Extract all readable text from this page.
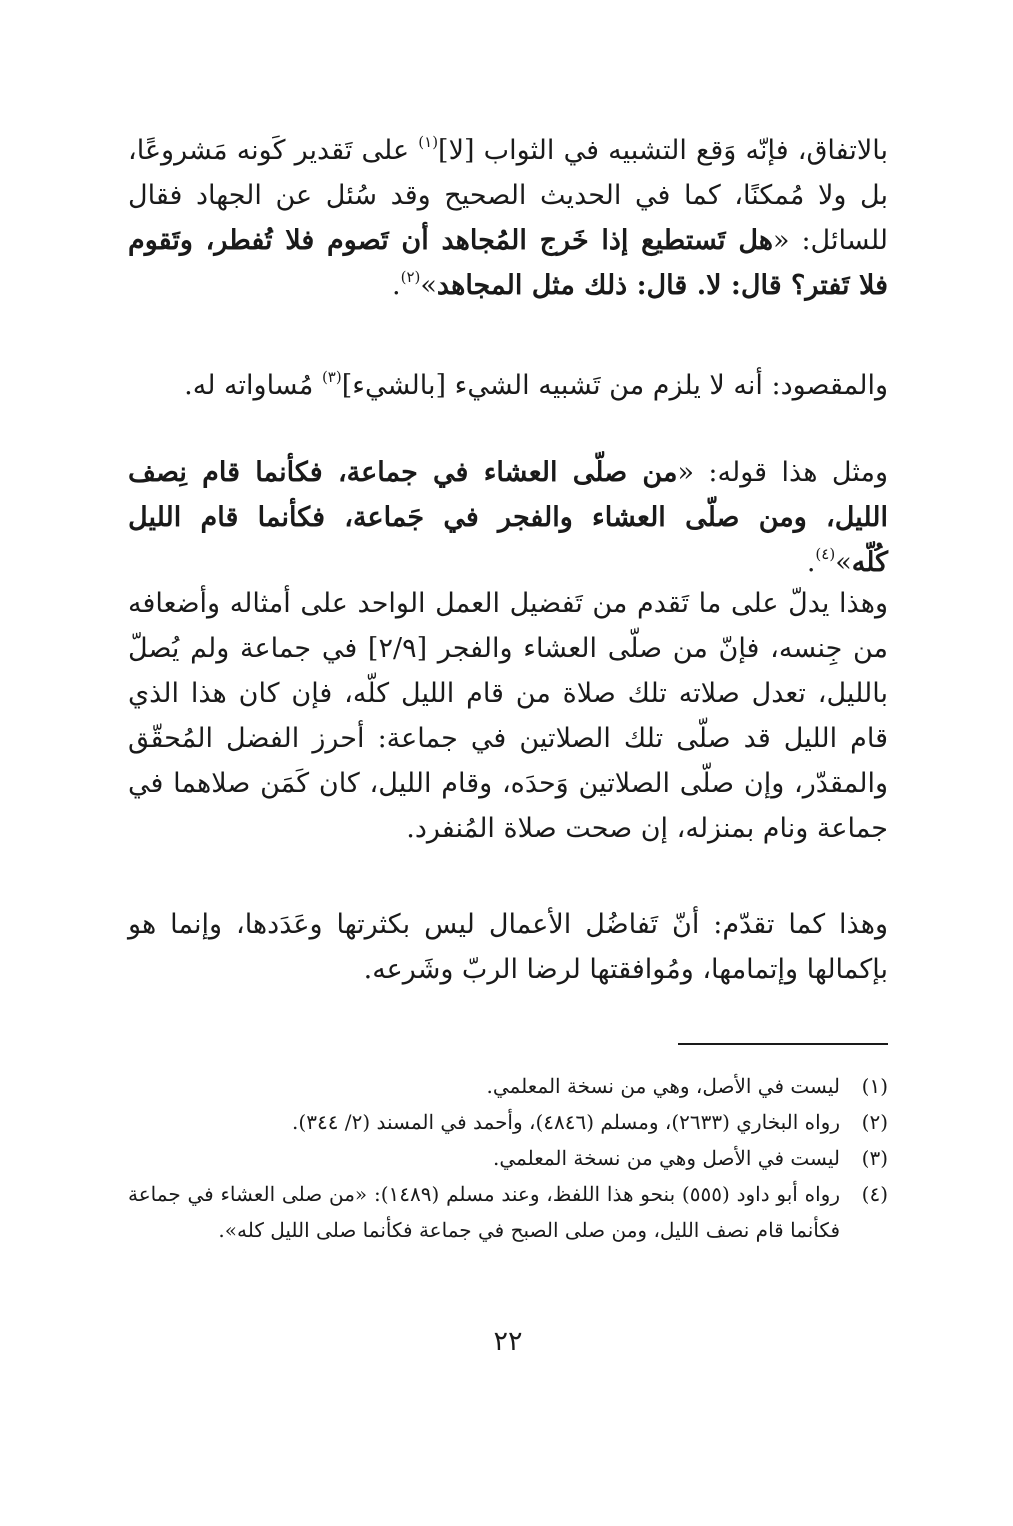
بالاتفاق، فإنّه وَقع التشبيه في الثواب [لا]$^{(١)}$ على تَقدير كَونه مَشروعًا، بل ولا مُمكنًا، كما في الحديث الصحيح وقد سُئل عن الجهاد فقال للسائل: «هل تَستطيع إذا خَرج المُجاهد أن تَصوم فلا تُفطر، وتَقوم فلا تَفتر؟ قال: لا. قال: ذلك مثل المجاهد»$^{(٢)}$.

والمقصود: أنه لا يلزم من تَشبيه الشيء [بالشيء]$^{(٣)}$ مُساواته له.

ومثل هذا قوله: «من صلّى العشاء في جماعة، فكأنما قام نِصف الليل، ومن صلّى العشاء والفجر في جَماعة، فكأنما قام الليل كُلّه»$^{(٤)}$.

وهذا يدلّ على ما تَقدم من تَفضيل العمل الواحد على أمثاله وأضعافه من جِنسه، فإنّ من صلّى العشاء والفجر [٢/٩] في جماعة ولم يُصلّ بالليل، تعدل صلاته تلك صلاة من قام الليل كلّه، فإن كان هذا الذي قام الليل قد صلّى تلك الصلاتين في جماعة: أحرز الفضل المُحقّق والمقدّر، وإن صلّى الصلاتين وَحدَه، وقام الليل، كان كَمَن صلاهما في جماعة ونام بمنزله، إن صحت صلاة المُنفرد.

وهذا كما تقدّم: أنّ تَفاضُل الأعمال ليس بكثرتها وعَدَدها، وإنما هو بإكمالها وإتمامها، ومُوافقتها لرضا الربّ وشَرعه.

(١)
ليست في الأصل، وهي من نسخة المعلمي.
(٢)
رواه البخاري (٢٦٣٣)، ومسلم (٤٨٤٦)، وأحمد في المسند (٢/ ٣٤٤).
(٣)
ليست في الأصل وهي من نسخة المعلمي.
(٤)
رواه أبو داود (٥٥٥) بنحو هذا اللفظ، وعند مسلم (١٤٨٩): «من صلى العشاء في جماعة فكأنما قام نصف الليل، ومن صلى الصبح في جماعة فكأنما صلى الليل كله».
٢٢
